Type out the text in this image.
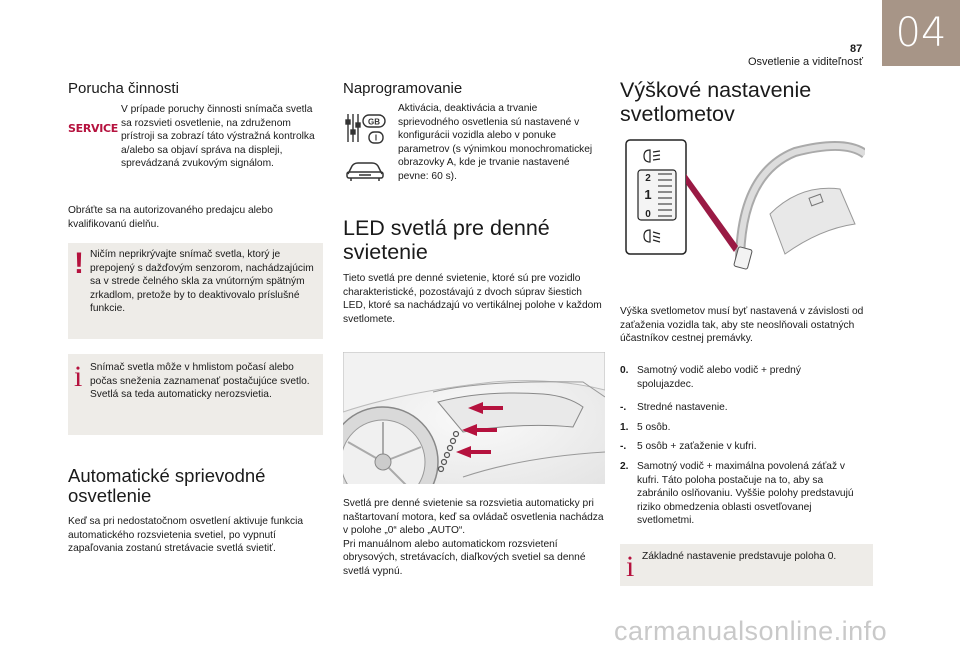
87
Osvetlenie a viditeľnosť
04
Porucha činnosti
SERVICE
V prípade poruchy činnosti snímača svetla sa rozsvieti osvetlenie, na združenom prístroji sa zobrazí táto výstražná kontrolka a/alebo sa objaví správa na displeji, sprevádzaná zvukovým signálom.
Obráťte sa na autorizovaného predajcu alebo kvalifikovanú dielňu.
! Ničím neprikrývajte snímač svetla, ktorý je prepojený s dažďovým senzorom, nachádzajúcim sa v strede čelného skla za vnútorným spätným zrkadlom, pretože by to deaktivovalo príslušné funkcie.
i Snímač svetla môže v hmlistom počasí alebo počas sneženia zaznamenať postačujúce svetlo. Svetlá sa teda automaticky nerozsvietia.
Automatické sprievodné osvetlenie
Keď sa pri nedostatočnom osvetlení aktivuje funkcia automatického rozsvietenia svetiel, po vypnutí zapaľovania zostanú stretávacie svetlá svietiť.
Naprogramovanie
GB
I
Aktivácia, deaktivácia a trvanie sprievodného osvetlenia sú nastavené v konfigurácii vozidla alebo v ponuke parametrov (s výnimkou monochromatickej obrazovky A, kde je trvanie nastavené pevne: 60 s).
LED svetlá pre denné svietenie
Tieto svetlá pre denné svietenie, ktoré sú pre vozidlo charakteristické, pozostávajú z dvoch súprav šiestich LED, ktoré sa nachádzajú vo vertikálnej polohe v každom svetlomete.
Svetlá pre denné svietenie sa rozsvietia automaticky pri naštartovaní motora, keď sa ovládač osvetlenia nachádza v polohe „0“ alebo „AUTO“.
Pri manuálnom alebo automatickom rozsvietení obrysových, stretávacích, diaľkových svetiel sa denné svetlá vypnú.
Výškové nastavenie svetlometov
2
1
0
Výška svetlometov musí byť nastavená v závislosti od zaťaženia vozidla tak, aby ste neoslňovali ostatných účastníkov cestnej premávky.
0. Samotný vodič alebo vodič + predný spolujazdec.
-.	Stredné nastavenie.
1. 5 osôb.
-.	5 osôb + zaťaženie v kufri.
2. Samotný vodič + maximálna povolená záťaž v kufri. Táto poloha postačuje na to, aby sa zabránilo oslňovaniu. Vyššie polohy predstavujú riziko obmedzenia oblasti osvetľovanej svetlometmi.
i Základné nastavenie predstavuje poloha 0.
carmanualsonline.info
